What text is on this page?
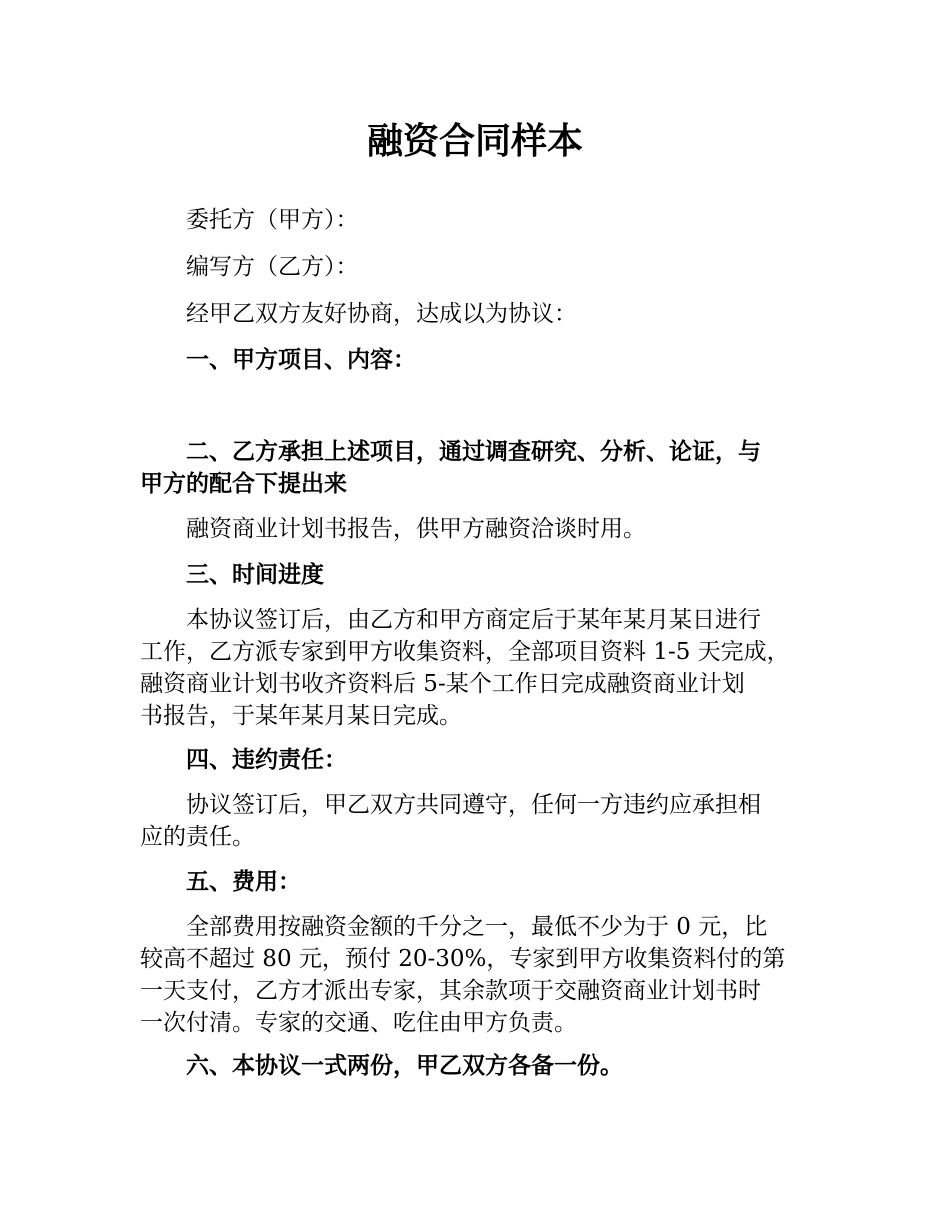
融资合同样本

委托方（甲方）：

编写方（乙方）：

经甲乙双方友好协商，达成以为协议：

一、甲方项目、内容：

二、乙方承担上述项目，通过调查研究、分析、论证，与
甲方的配合下提出来

融资商业计划书报告，供甲方融资洽谈时用。

三、时间进度

本协议签订后，由乙方和甲方商定后于某年某月某日进行
工作，乙方派专家到甲方收集资料，全部项目资料 1-5 天完成，
融资商业计划书收齐资料后 5-某个工作日完成融资商业计划
书报告，于某年某月某日完成。

四、违约责任：

协议签订后，甲乙双方共同遵守，任何一方违约应承担相
应的责任。

五、费用：

全部费用按融资金额的千分之一，最低不少为于 0 元，比
较高不超过 80 元，预付 20-30%，专家到甲方收集资料付的第
一天支付，乙方才派出专家，其余款项于交融资商业计划书时
一次付清。专家的交通、吃住由甲方负责。

六、本协议一式两份，甲乙双方各备一份。
